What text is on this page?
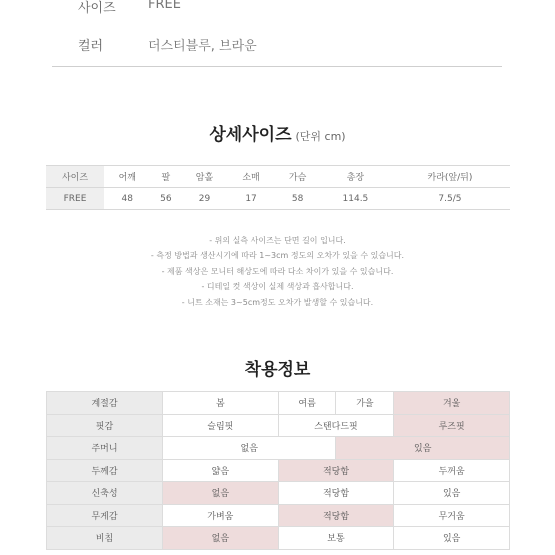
사이즈	FREE
컬러	더스티블루, 브라운
상세사이즈 (단위 cm)
사이즈	어깨	팔	암홀	소매	가슴	총장	카라(앞/뒤)
FREE	48	56	29	17	58	114.5	7.5/5
- 위의 실측 사이즈는 단면 길이 입니다.
- 측정 방법과 생산시기에 따라 1~3cm 정도의 오차가 있을 수 있습니다.
- 제품 색상은 모니터 해상도에 따라 다소 차이가 있을 수 있습니다.
- 디테일 컷 색상이 실제 색상과 흡사합니다.
- 니트 소재는 3~5cm정도 오차가 발생할 수 있습니다.
착용정보
계절감	봄	여름	가을	겨울
핏감	슬림핏	스탠다드핏		루즈핏
주머니	없음		있음	
두께감	얇음	적당함		두꺼움
신축성	없음	적당함		있음
무게감	가벼움	적당함		무거움
비침	없음	보통		있음
